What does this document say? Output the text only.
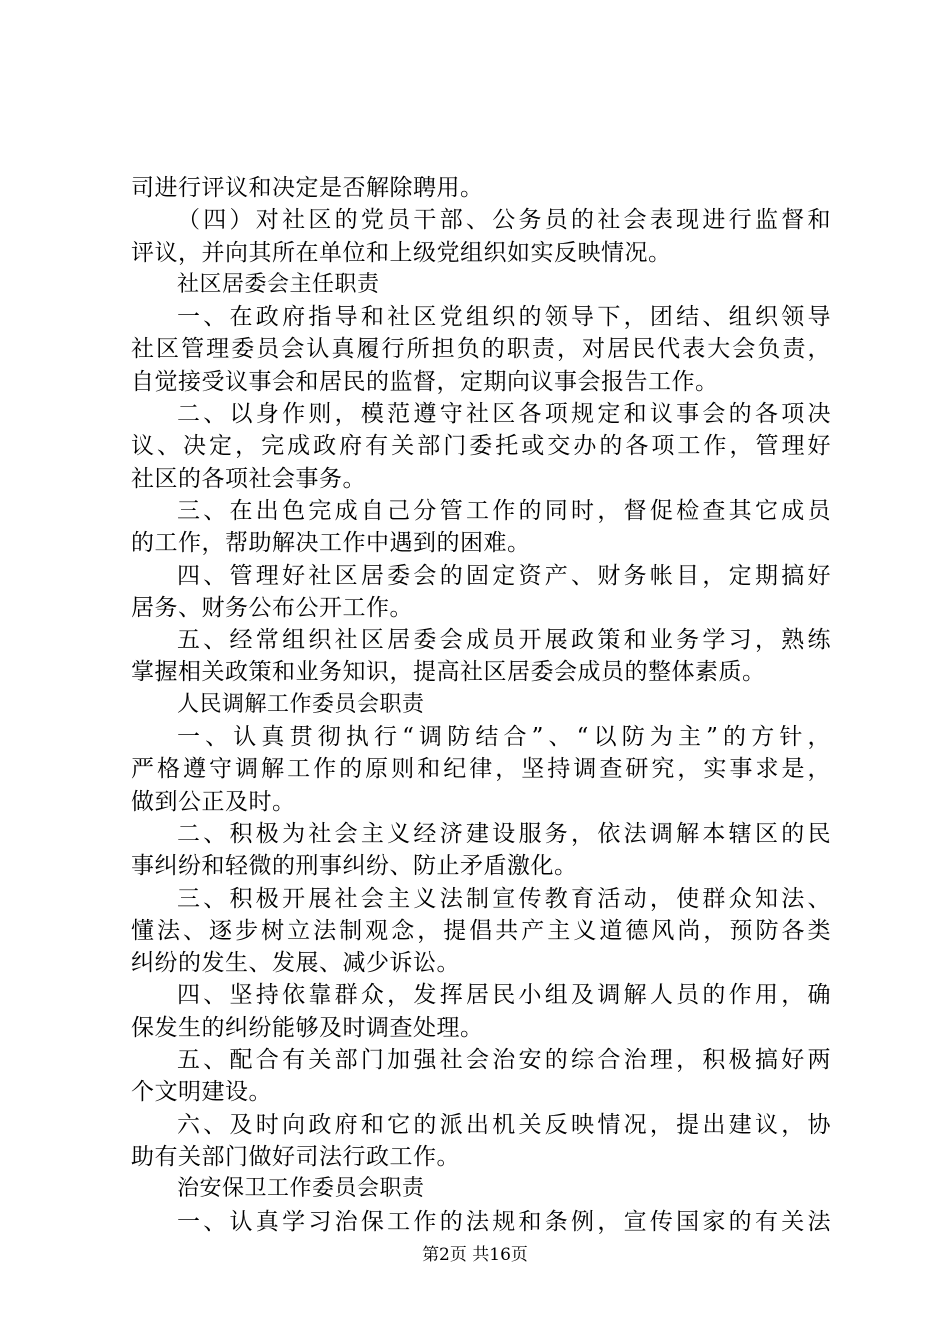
司进行评议和决定是否解除聘用。
（四）对社区的党员干部、公务员的社会表现进行监督和
评议，并向其所在单位和上级党组织如实反映情况。
社区居委会主任职责
一、在政府指导和社区党组织的领导下，团结、组织领导
社区管理委员会认真履行所担负的职责，对居民代表大会负责，
自觉接受议事会和居民的监督，定期向议事会报告工作。
二、以身作则，模范遵守社区各项规定和议事会的各项决
议、决定，完成政府有关部门委托或交办的各项工作，管理好
社区的各项社会事务。
三、在出色完成自己分管工作的同时，督促检查其它成员
的工作，帮助解决工作中遇到的困难。
四、管理好社区居委会的固定资产、财务帐目，定期搞好
居务、财务公布公开工作。
五、经常组织社区居委会成员开展政策和业务学习，熟练
掌握相关政策和业务知识，提高社区居委会成员的整体素质。
人民调解工作委员会职责
一、认真贯彻执行“调防结合”、“以防为主”的方针，
严格遵守调解工作的原则和纪律，坚持调查研究，实事求是，
做到公正及时。
二、积极为社会主义经济建设服务，依法调解本辖区的民
事纠纷和轻微的刑事纠纷、防止矛盾激化。
三、积极开展社会主义法制宣传教育活动，使群众知法、
懂法、逐步树立法制观念，提倡共产主义道德风尚，预防各类
纠纷的发生、发展、减少诉讼。
四、坚持依靠群众，发挥居民小组及调解人员的作用，确
保发生的纠纷能够及时调查处理。
五、配合有关部门加强社会治安的综合治理，积极搞好两
个文明建设。
六、及时向政府和它的派出机关反映情况，提出建议，协
助有关部门做好司法行政工作。
治安保卫工作委员会职责
一、认真学习治保工作的法规和条例，宣传国家的有关法
第2页 共16页
